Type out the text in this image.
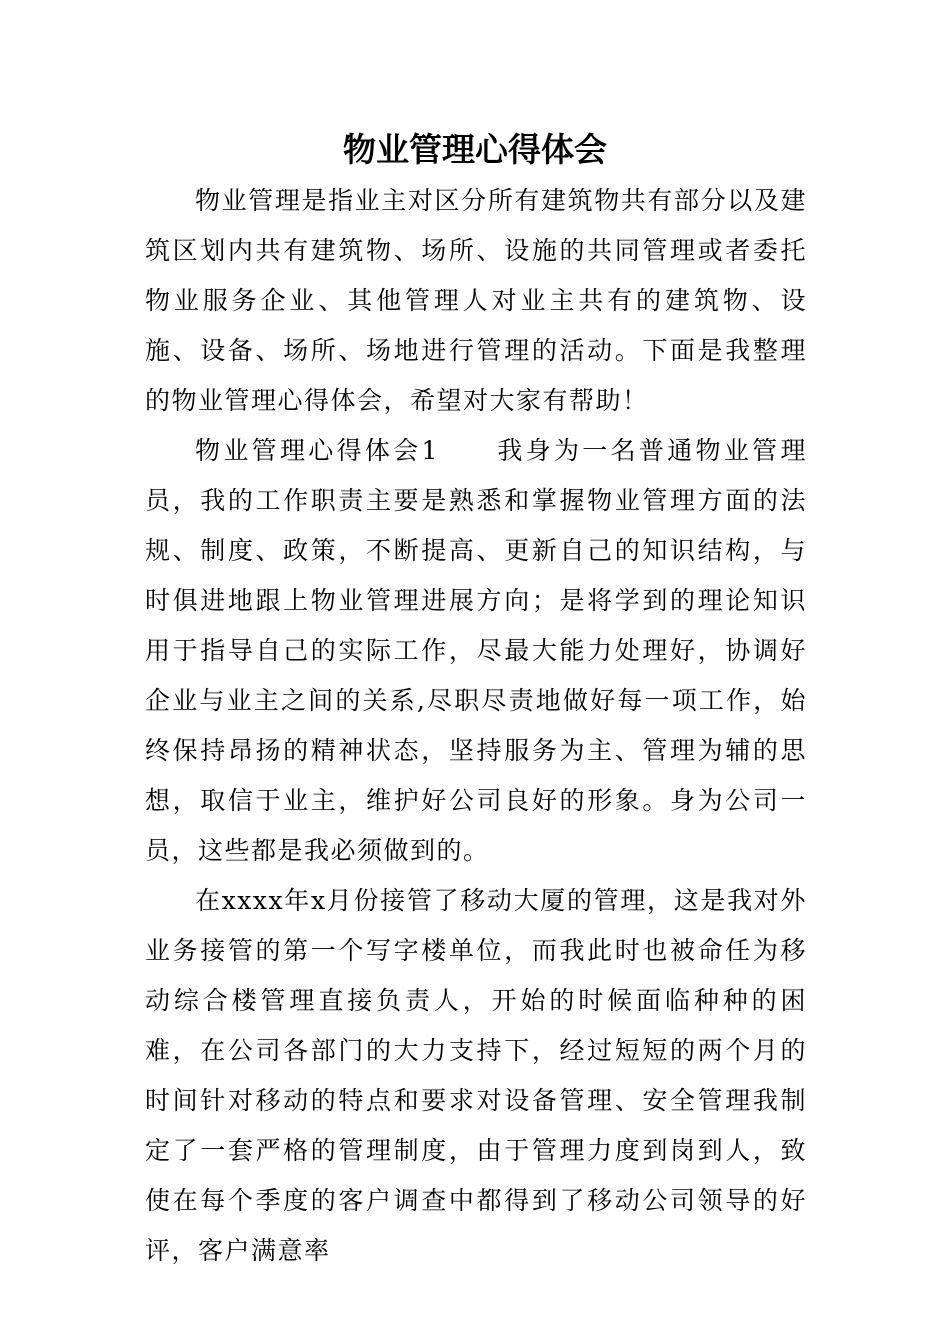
物业管理心得体会

物业管理是指业主对区分所有建筑物共有部分以及建筑区划内共有建筑物、场所、设施的共同管理或者委托物业服务企业、其他管理人对业主共有的建筑物、设施、设备、场所、场地进行管理的活动。下面是我整理的物业管理心得体会，希望对大家有帮助！

物业管理心得体会1　　我身为一名普通物业管理员，我的工作职责主要是熟悉和掌握物业管理方面的法规、制度、政策，不断提高、更新自己的知识结构，与时俱进地跟上物业管理进展方向；是将学到的理论知识用于指导自己的实际工作，尽最大能力处理好，协调好企业与业主之间的关系,尽职尽责地做好每一项工作，始终保持昂扬的精神状态，坚持服务为主、管理为辅的思想，取信于业主，维护好公司良好的形象。身为公司一员，这些都是我必须做到的。

在xxxx年x月份接管了移动大厦的管理，这是我对外业务接管的第一个写字楼单位，而我此时也被命任为移动综合楼管理直接负责人，开始的时候面临种种的困难，在公司各部门的大力支持下，经过短短的两个月的时间针对移动的特点和要求对设备管理、安全管理我制定了一套严格的管理制度，由于管理力度到岗到人，致使在每个季度的客户调查中都得到了移动公司领导的好评，客户满意率
